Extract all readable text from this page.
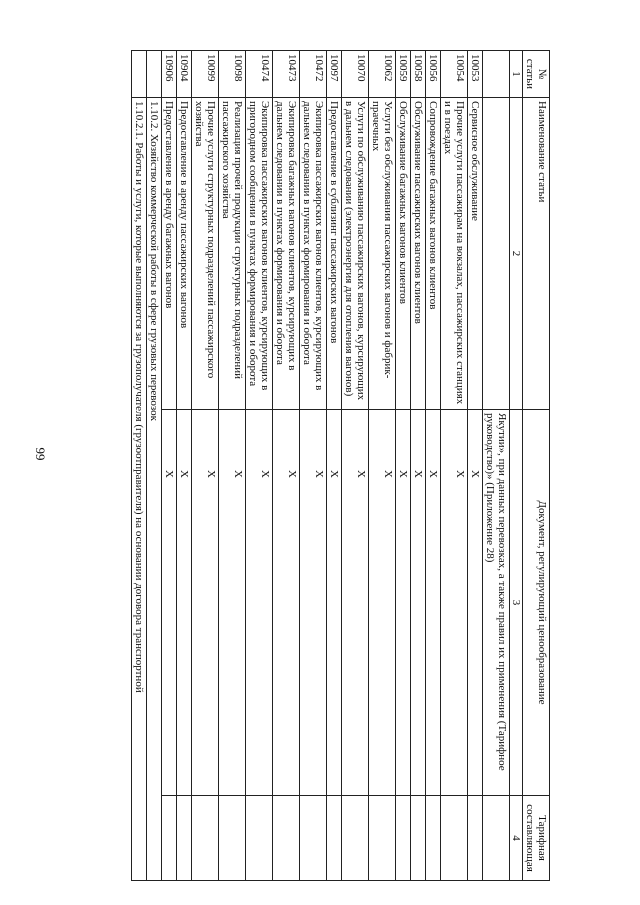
99
№ статьи	Наименование статьи	Документ, регулирующий ценообразование	Тарифная составляющая
1	2	3	4
		Якутии», при данных перевозках, а также правил их применения (Тарифное руководство)» (Приложение 28)	
10053	Сервисное обслуживание	X	
10054	Прочие услуги пассажирам на вокзалах, пассажирских станциях и в поездах	X	
10056	Сопровождение багажных вагонов клиентов	X	
10058	Обслуживание пассажирских вагонов клиентов	X	
10059	Обслуживание багажных вагонов клиентов	X	
10062	Услуги без обслуживания пассажирских вагонов и фабрик-прачечных	X	
10070	Услуги по обслуживанию пассажирских вагонов, курсирующих в дальнем следовании (электроэнергия для отопления вагонов)	X	
10097	Предоставление в сублизинг пассажирских вагонов	X	
10472	Экипировка пассажирских вагонов клиентов, курсирующих в дальнем следовании в пунктах формирования и оборота	X	
10473	Экипировка багажных вагонов клиентов, курсирующих в дальнем следовании в пунктах формирования и оборота	X	
10474	Экипировка пассажирских вагонов клиентов, курсирующих в пригородном сообщении в пунктах формирования и оборота	X	
10098	Реализация прочей продукции структурных подразделений пассажирского хозяйства	X	
10099	Прочие услуги структурных подразделений пассажирского хозяйства	X	
10904	Предоставление в аренду пассажирских вагонов	X	
10906	Предоставление в аренду багажных вагонов	X	
	1.10.2. Хозяйство коммерческой работы в сфере грузовых перевозок		
	1.10.2.1. Работы и услуги, которые выполняются за грузополучателя (грузоотправителя) на основании договора транспортной		
